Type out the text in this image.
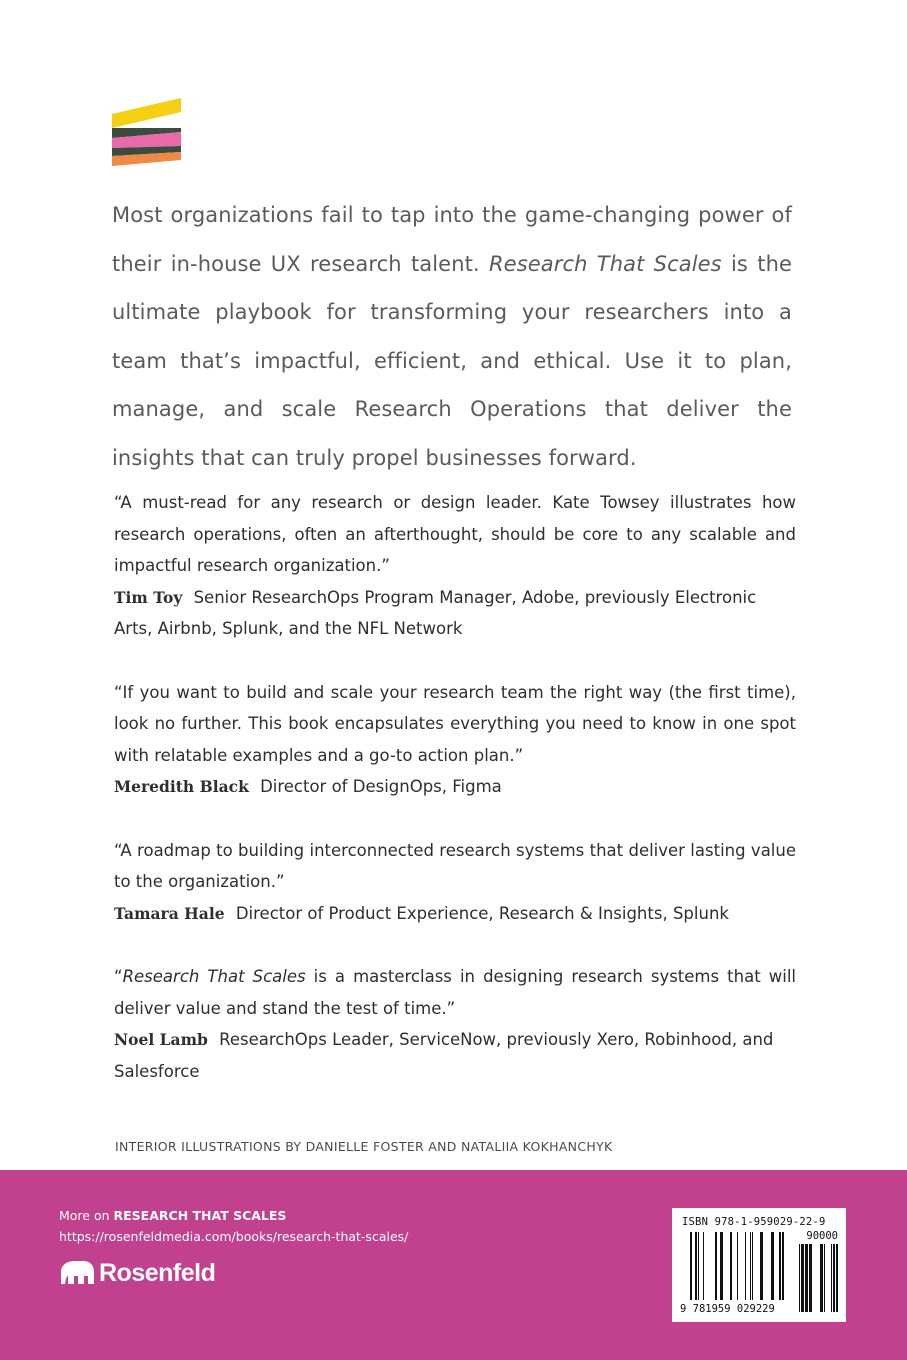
Most organizations fail to tap into the game-changing power of their in-house UX research talent. Research That Scales is the ultimate playbook for transforming your researchers into a team that’s impactful, efficient, and ethical. Use it to plan, manage, and scale Research Operations that deliver the insights that can truly propel businesses forward.
“A must-read for any research or design leader. Kate Towsey illustrates how research operations, often an afterthought, should be core to any scalable and impactful research organization.”
Tim Toy Senior ResearchOps Program Manager, Adobe, previously Electronic Arts, Airbnb, Splunk, and the NFL Network
“If you want to build and scale your research team the right way (the first time), look no further. This book encapsulates everything you need to know in one spot with relatable examples and a go-to action plan.”
Meredith Black Director of DesignOps, Figma
“A roadmap to building interconnected research systems that deliver lasting value to the organization.”
Tamara Hale Director of Product Experience, Research & Insights, Splunk
“Research That Scales is a masterclass in designing research systems that will deliver value and stand the test of time.”
Noel Lamb ResearchOps Leader, ServiceNow, previously Xero, Robinhood, and Salesforce
INTERIOR ILLUSTRATIONS BY DANIELLE FOSTER AND NATALIIA KOKHANCHYK
More on RESEARCH THAT SCALES
https://rosenfeldmedia.com/books/research-that-scales/
Rosenfeld
ISBN 978-1-959029-22-9
90000
9 781959 029229
